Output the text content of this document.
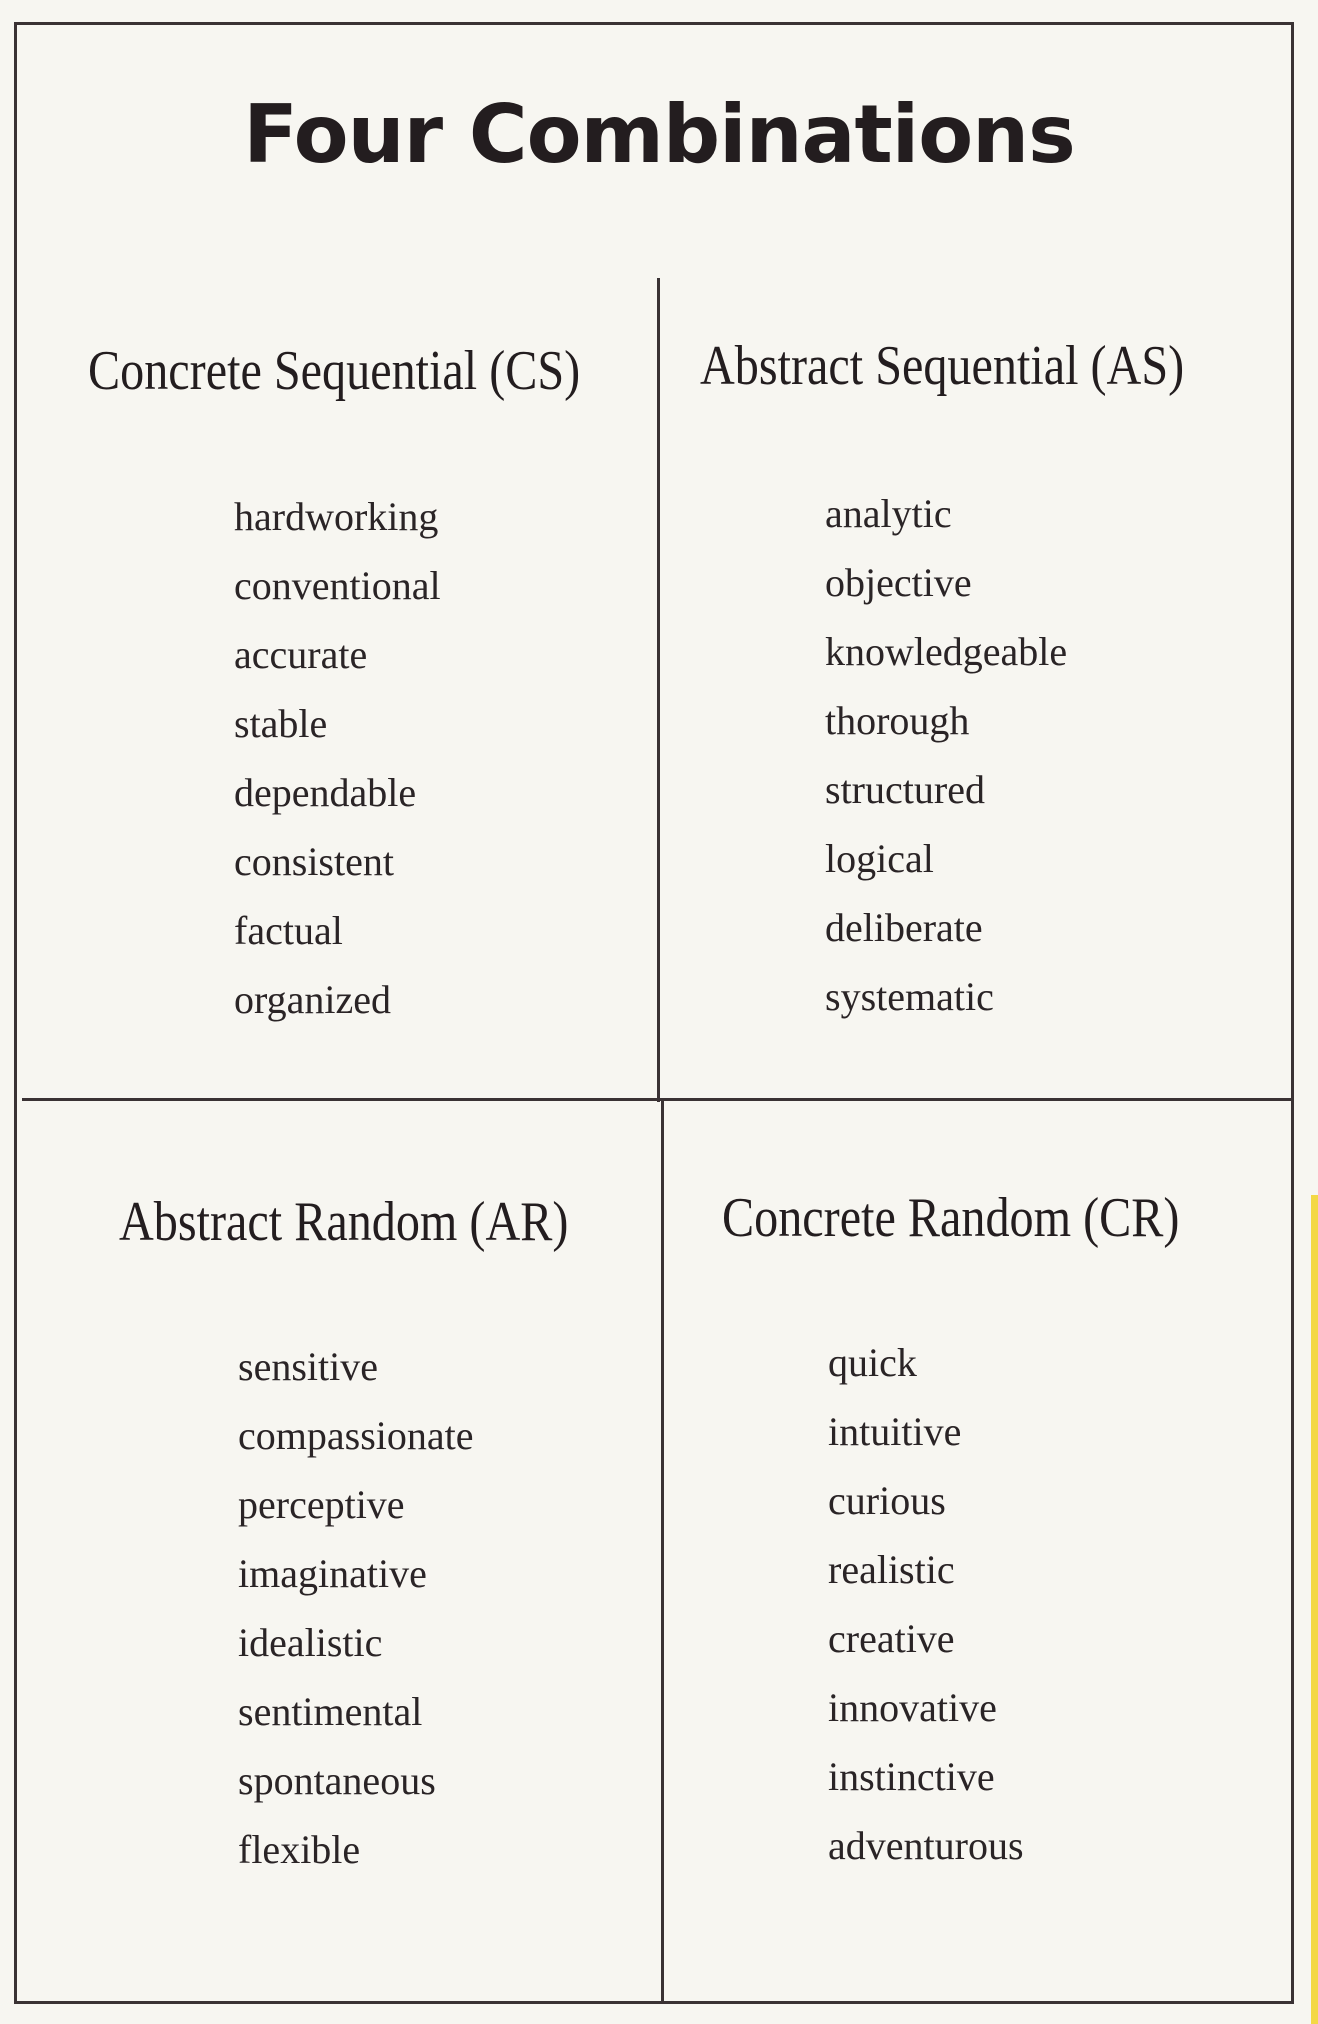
Four Combinations
Concrete Sequential (CS)
hardworking
conventional
accurate
stable
dependable
consistent
factual
organized
Abstract Sequential (AS)
analytic
objective
knowledgeable
thorough
structured
logical
deliberate
systematic
Abstract Random (AR)
sensitive
compassionate
perceptive
imaginative
idealistic
sentimental
spontaneous
flexible
Concrete Random (CR)
quick
intuitive
curious
realistic
creative
innovative
instinctive
adventurous
